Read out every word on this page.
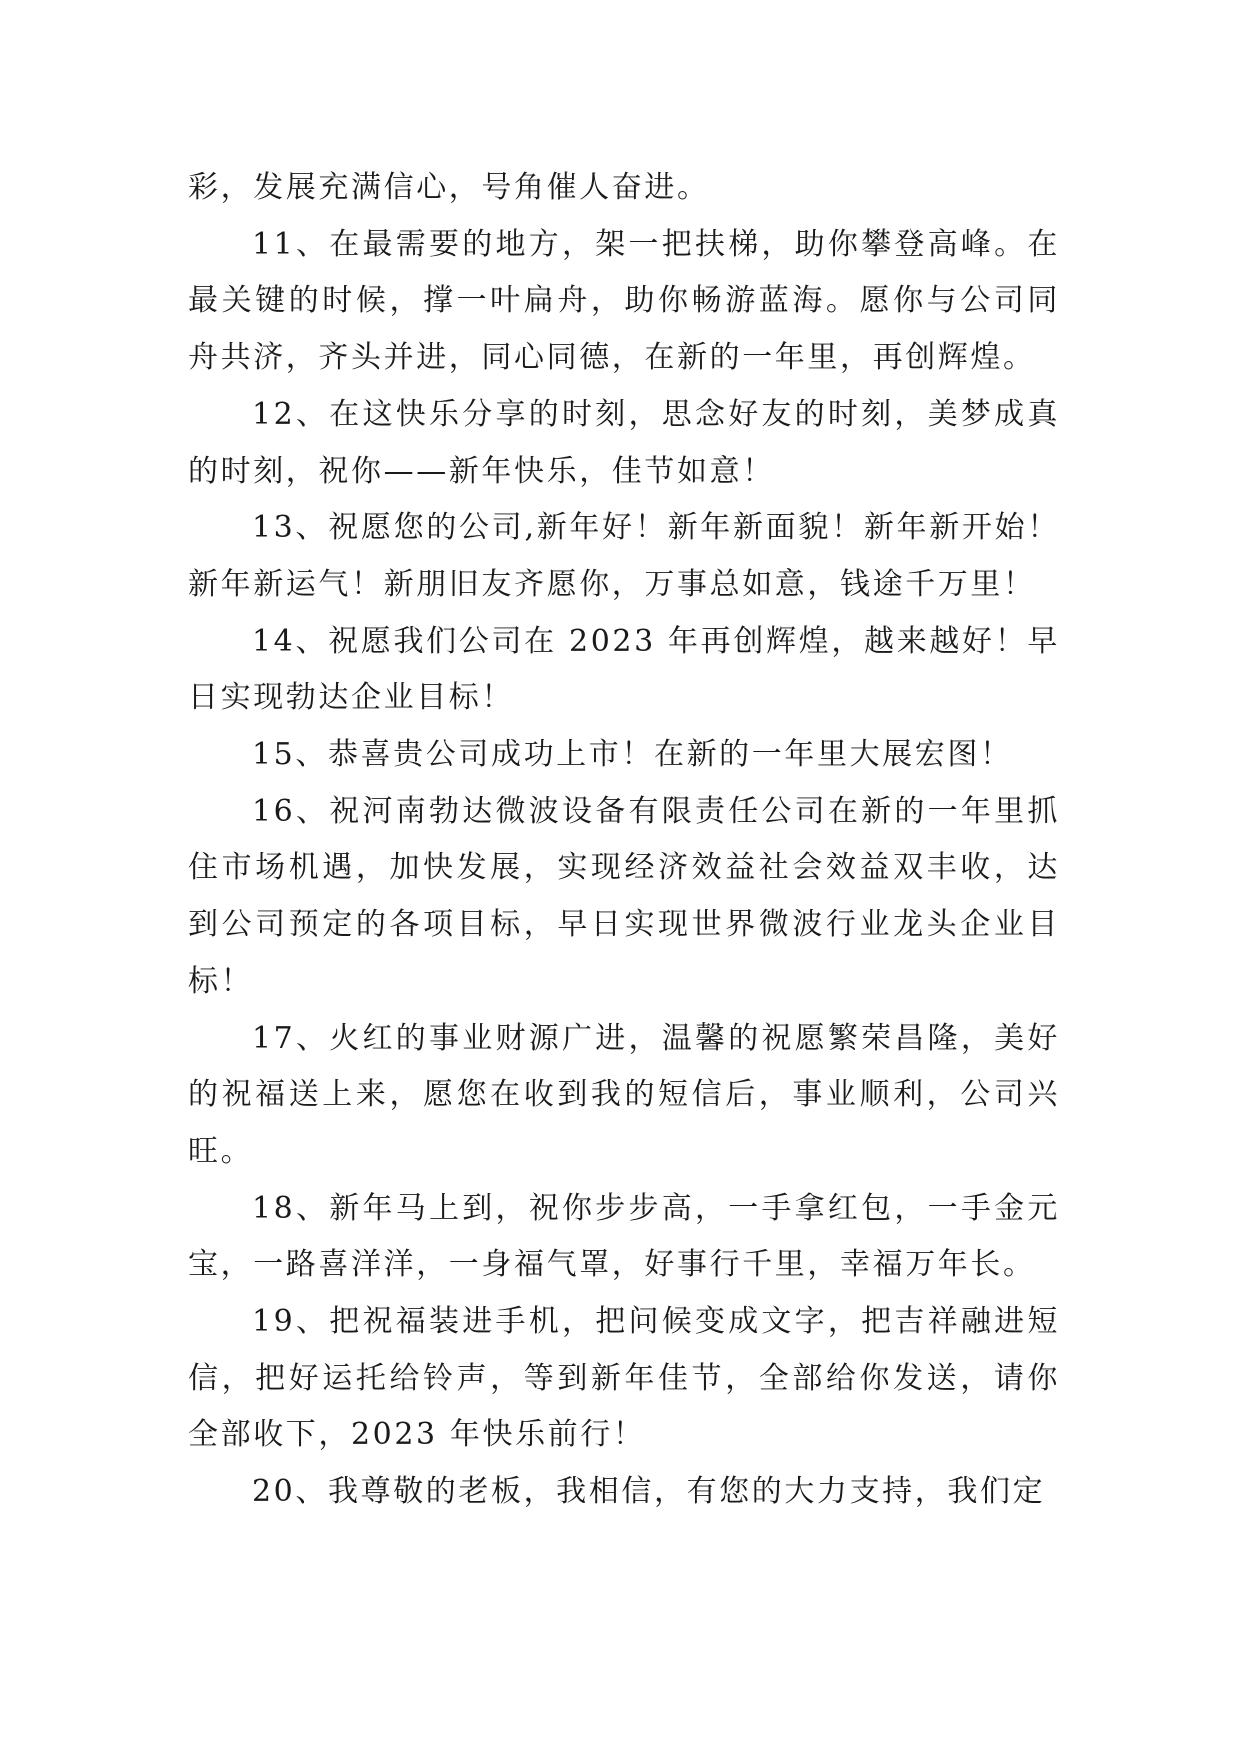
彩，发展充满信心，号角催人奋进。

11、在最需要的地方，架一把扶梯，助你攀登高峰。在最关键的时候，撑一叶扁舟，助你畅游蓝海。愿你与公司同舟共济，齐头并进，同心同德，在新的一年里，再创辉煌。

12、在这快乐分享的时刻，思念好友的时刻，美梦成真的时刻，祝你——新年快乐，佳节如意！

13、祝愿您的公司,新年好！新年新面貌！新年新开始！新年新运气！新朋旧友齐愿你，万事总如意，钱途千万里！

14、祝愿我们公司在 2023 年再创辉煌，越来越好！早日实现勃达企业目标！

15、恭喜贵公司成功上市！在新的一年里大展宏图！

16、祝河南勃达微波设备有限责任公司在新的一年里抓住市场机遇，加快发展，实现经济效益社会效益双丰收，达到公司预定的各项目标，早日实现世界微波行业龙头企业目标！

17、火红的事业财源广进，温馨的祝愿繁荣昌隆，美好的祝福送上来，愿您在收到我的短信后，事业顺利，公司兴旺。

18、新年马上到，祝你步步高，一手拿红包，一手金元宝，一路喜洋洋，一身福气罩，好事行千里，幸福万年长。

19、把祝福装进手机，把问候变成文字，把吉祥融进短信，把好运托给铃声，等到新年佳节，全部给你发送，请你全部收下，2023 年快乐前行！

20、我尊敬的老板，我相信，有您的大力支持，我们定
